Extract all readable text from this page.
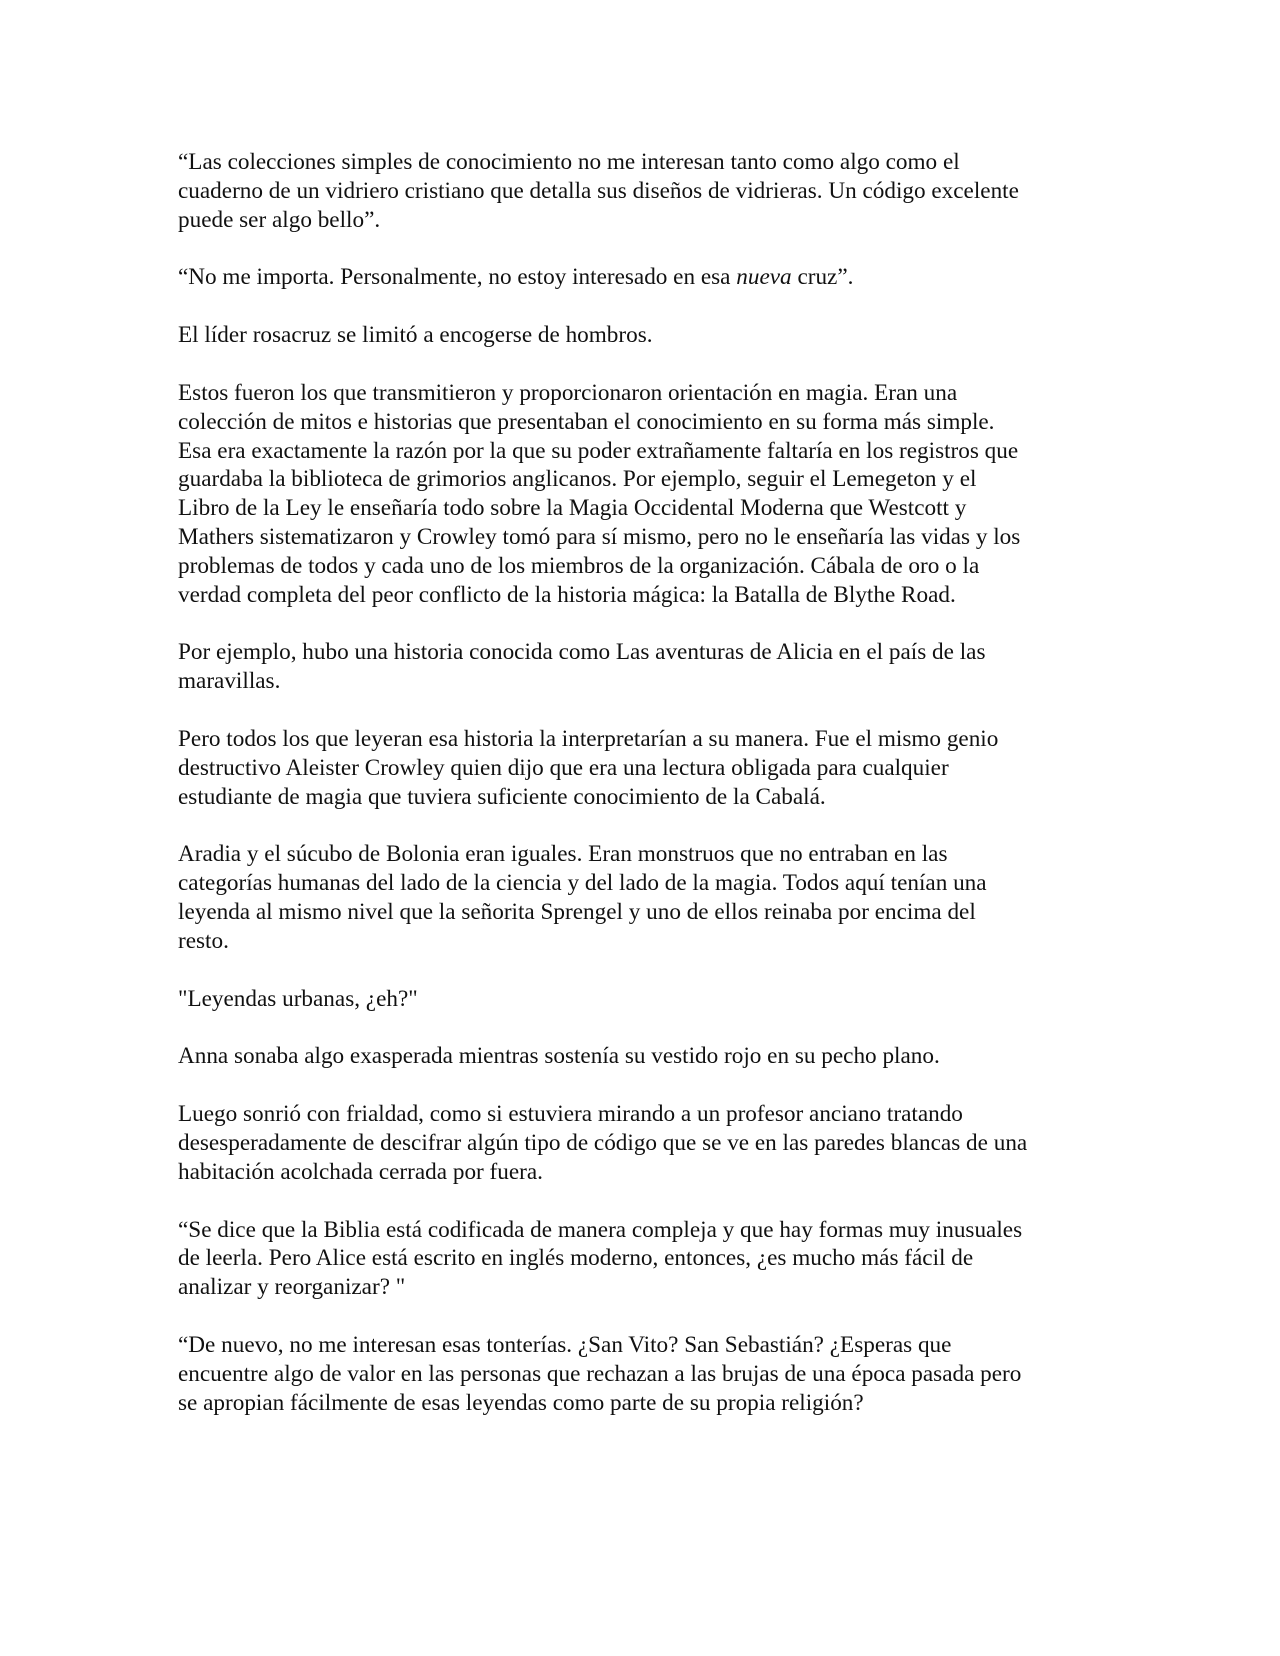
“Las colecciones simples de conocimiento no me interesan tanto como algo como el
cuaderno de un vidriero cristiano que detalla sus diseños de vidrieras. Un código excelente
puede ser algo bello”.

“No me importa. Personalmente, no estoy interesado en esa nueva cruz”.

El líder rosacruz se limitó a encogerse de hombros.

Estos fueron los que transmitieron y proporcionaron orientación en magia. Eran una
colección de mitos e historias que presentaban el conocimiento en su forma más simple.
Esa era exactamente la razón por la que su poder extrañamente faltaría en los registros que
guardaba la biblioteca de grimorios anglicanos. Por ejemplo, seguir el Lemegeton y el
Libro de la Ley le enseñaría todo sobre la Magia Occidental Moderna que Westcott y
Mathers sistematizaron y Crowley tomó para sí mismo, pero no le enseñaría las vidas y los
problemas de todos y cada uno de los miembros de la organización. Cábala de oro o la
verdad completa del peor conflicto de la historia mágica: la Batalla de Blythe Road.

Por ejemplo, hubo una historia conocida como Las aventuras de Alicia en el país de las
maravillas.

Pero todos los que leyeran esa historia la interpretarían a su manera. Fue el mismo genio
destructivo Aleister Crowley quien dijo que era una lectura obligada para cualquier
estudiante de magia que tuviera suficiente conocimiento de la Cabalá.

Aradia y el súcubo de Bolonia eran iguales. Eran monstruos que no entraban en las
categorías humanas del lado de la ciencia y del lado de la magia. Todos aquí tenían una
leyenda al mismo nivel que la señorita Sprengel y uno de ellos reinaba por encima del
resto.

"Leyendas urbanas, ¿eh?"

Anna sonaba algo exasperada mientras sostenía su vestido rojo en su pecho plano.

Luego sonrió con frialdad, como si estuviera mirando a un profesor anciano tratando
desesperadamente de descifrar algún tipo de código que se ve en las paredes blancas de una
habitación acolchada cerrada por fuera.

“Se dice que la Biblia está codificada de manera compleja y que hay formas muy inusuales
de leerla. Pero Alice está escrito en inglés moderno, entonces, ¿es mucho más fácil de
analizar y reorganizar? "

“De nuevo, no me interesan esas tonterías. ¿San Vito? San Sebastián? ¿Esperas que
encuentre algo de valor en las personas que rechazan a las brujas de una época pasada pero
se apropian fácilmente de esas leyendas como parte de su propia religión?
